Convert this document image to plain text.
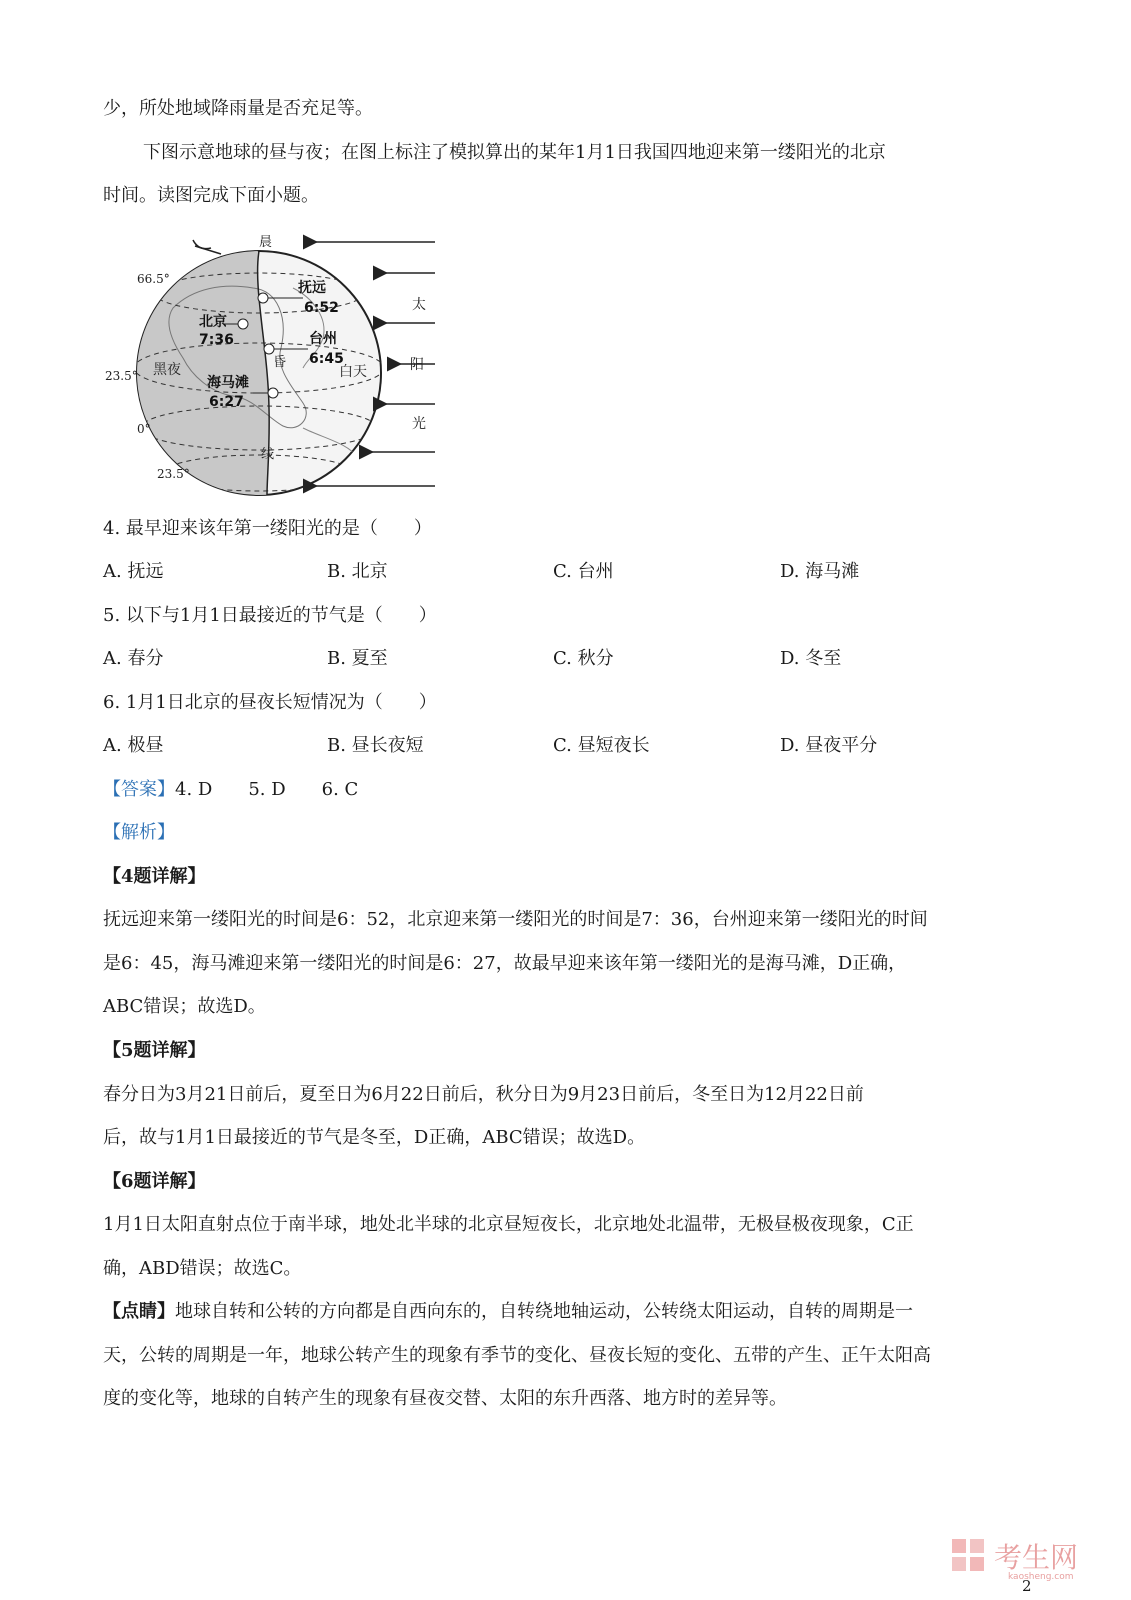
少，所处地域降雨量是否充足等。
下图示意地球的昼与夜；在图上标注了模拟算出的某年1月1日我国四地迎来第一缕阳光的北京
时间。读图完成下面小题。
66.5°
23.5°
0°
23.5°
黑夜	白天
晨
昏
线
太
阳
光
抚远
6:52
北京
7:36	台州
6:45
海马滩
6:27
4. 最早迎来该年第一缕阳光的是（　　）
A. 抚远	B. 北京	C. 台州	D. 海马滩
5. 以下与1月1日最接近的节气是（　　）
A. 春分	B. 夏至	C. 秋分	D. 冬至
6. 1月1日北京的昼夜长短情况为（　　）
A. 极昼	B. 昼长夜短	C. 昼短夜长	D. 昼夜平分
【答案】4. D　　5. D　　6. C
【解析】
【4题详解】
抚远迎来第一缕阳光的时间是6：52，北京迎来第一缕阳光的时间是7：36，台州迎来第一缕阳光的时间
是6：45，海马滩迎来第一缕阳光的时间是6：27，故最早迎来该年第一缕阳光的是海马滩，D正确，
ABC错误；故选D。
【5题详解】
春分日为3月21日前后，夏至日为6月22日前后，秋分日为9月23日前后，冬至日为12月22日前
后，故与1月1日最接近的节气是冬至，D正确，ABC错误；故选D。
【6题详解】
1月1日太阳直射点位于南半球，地处北半球的北京昼短夜长，北京地处北温带，无极昼极夜现象，C正
确，ABD错误；故选C。
【点睛】地球自转和公转的方向都是自西向东的，自转绕地轴运动，公转绕太阳运动，自转的周期是一
天，公转的周期是一年，地球公转产生的现象有季节的变化、昼夜长短的变化、五带的产生、正午太阳高
度的变化等，地球的自转产生的现象有昼夜交替、太阳的东升西落、地方时的差异等。
考生网
kaosheng.com
2
